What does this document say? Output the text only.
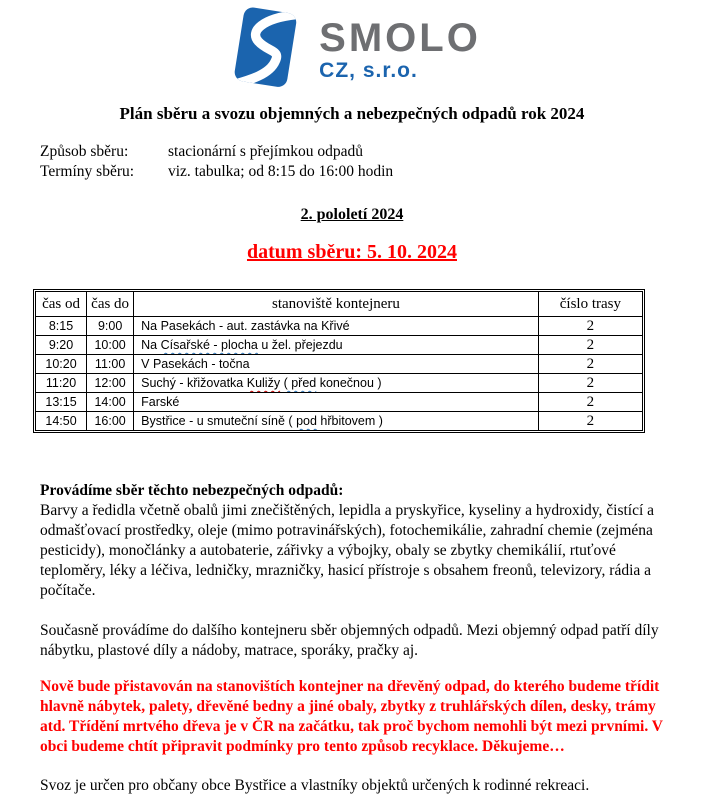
SMOLO
CZ, s.r.o.
Plán sběru a svozu objemných a nebezpečných odpadů rok 2024
Způsob sběru:	stacionární s přejímkou odpadů
Termíny sběru:	viz. tabulka; od 8:15 do 16:00 hodin
2. pololetí 2024
datum sběru: 5. 10. 2024
čas od	čas do	stanoviště kontejneru	číslo trasy
8:15	9:00	Na Pasekách - aut. zastávka na Křivé	2
9:20	10:00	Na Císařské - plocha u žel. přejezdu	2
10:20	11:00	V Pasekách - točna	2
11:20	12:00	Suchý - křižovatka Kuližy ( před konečnou )	2
13:15	14:00	Farské	2
14:50	16:00	Bystřice - u smuteční síně ( pod hřbitovem )	2
Provádíme sběr těchto nebezpečných odpadů:
Barvy a ředidla včetně obalů jimi znečištěných, lepidla a pryskyřice, kyseliny a hydroxidy, čistící a odmašťovací prostředky, oleje (mimo potravinářských), fotochemikálie, zahradní chemie (zejména pesticidy), monočlánky a autobaterie, zářivky a výbojky, obaly se zbytky chemikálií, rtuťové teploměry, léky a léčiva, ledničky, mrazničky, hasicí přístroje s obsahem freonů, televizory, rádia a počítače.
Současně provádíme do dalšího kontejneru sběr objemných odpadů. Mezi objemný odpad patří díly nábytku, plastové díly a nádoby, matrace, sporáky, pračky aj.
Nově bude přistavován na stanovištích kontejner na dřevěný odpad, do kterého budeme třídit hlavně nábytek, palety, dřevěné bedny a jiné obaly, zbytky z truhlářských dílen, desky, trámy atd. Třídění mrtvého dřeva je v ČR na začátku, tak proč bychom nemohli být mezi prvními. V obci budeme chtít připravit podmínky pro tento způsob recyklace. Děkujeme…
Svoz je určen pro občany obce Bystřice a vlastníky objektů určených k rodinné rekreaci.
